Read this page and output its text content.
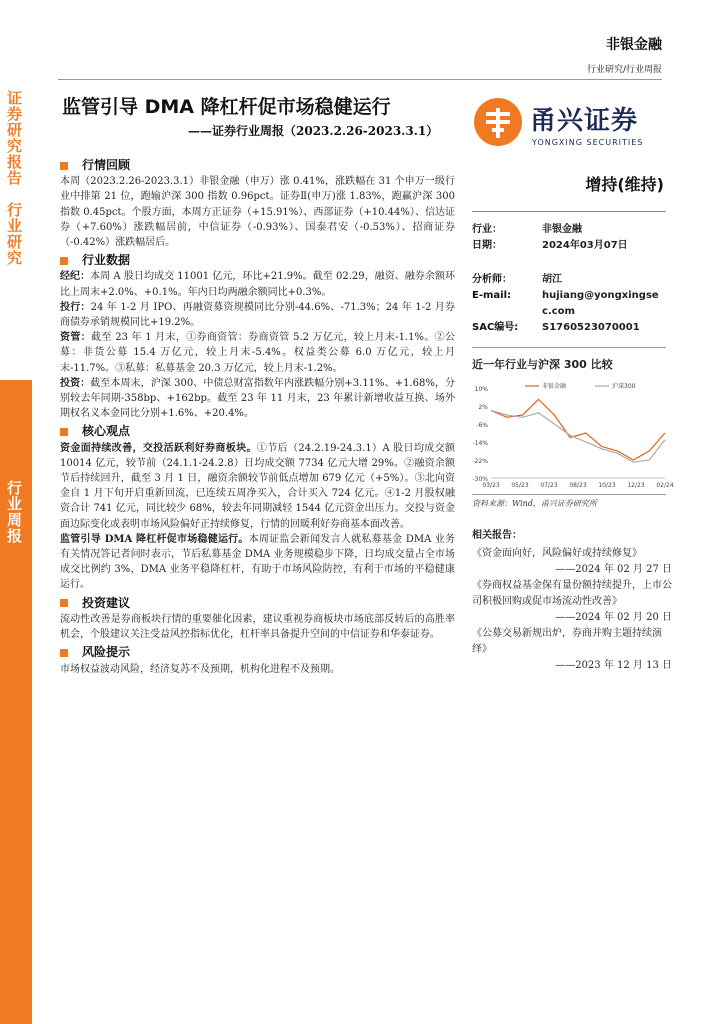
证券研究报告
行业研究
行业周报
非银金融
行业研究/行业周报
监管引导 DMA 降杠杆促市场稳健运行
——证券行业周报（2023.2.26-2023.3.1）	甬兴证券
YONGXING SECURITIES
行情回顾

本周（2023.2.26-2023.3.1）非银金融（申万）涨 0.41%，涨跌幅在 31 个申万一级行业中排第 21 位，跑输沪深 300 指数 0.96pct。证券Ⅱ(申万)涨 1.83%，跑赢沪深 300 指数 0.45pct。个股方面，本周方正证券（+15.91%）、西部证券（+10.44%）、信达证券（+7.60%）涨跌幅居前，中信证券（-0.93%）、国泰君安（-0.53%）、招商证券（-0.42%）涨跌幅居后。

行业数据

经纪：本周 A 股日均成交 11001 亿元，环比+21.9%。截至 02.29，融资、融券余额环比上周末+2.0%、+0.1%。年内日均两融余额同比+0.3%。

投行：24 年 1-2 月 IPO、再融资募资规模同比分别-44.6%、-71.3%；24 年 1-2 月券商债券承销规模同比+19.2%。

资管：截至 23 年 1 月末，①券商资管：券商资管 5.2 万亿元，较上月末-1.1%。②公募：非货公募 15.4 万亿元，较上月末-5.4%。权益类公募 6.0 万亿元，较上月末-11.7%。③私募：私募基金 20.3 万亿元，较上月末-1.2%。

投资：截至本周末，沪深 300、中债总财富指数年内涨跌幅分别+3.11%、+1.68%，分别较去年同期-358bp、+162bp。截至 23 年 11 月末，23 年累计新增收益互换、场外期权名义本金同比分别+1.6%、+20.4%。

核心观点

资金面持续改善，交投活跃利好券商板块。①节后（24.2.19-24.3.1）A 股日均成交额 10014 亿元，较节前（24.1.1-24.2.8）日均成交额 7734 亿元大增 29%。②融资余额节后持续回升，截至 3 月 1 日，融资余额较节前低点增加 679 亿元（+5%）。③北向资金自 1 月下旬开启重新回流，已连续五周净买入，合计买入 724 亿元。④1-2 月股权融资合计 741 亿元，同比较少 68%，较去年同期减轻 1544 亿元资金出压力。交投与资金面边际变化或表明市场风险偏好正持续修复，行情的回暖利好券商基本面改善。

监管引导 DMA 降杠杆促市场稳健运行。本周证监会新闻发言人就私募基金 DMA 业务有关情况答记者问时表示，节后私募基金 DMA 业务规模稳步下降，日均成交量占全市场成交比例约 3%，DMA 业务平稳降杠杆，有助于市场风险防控，有利于市场的平稳健康运行。

投资建议

流动性改善是券商板块行情的重要催化因素，建议重视券商板块市场底部反转后的高胜率机会，个股建议关注受益风控指标优化，杠杆率具备提升空间的中信证券和华泰证券。

风险提示

市场权益波动风险，经济复苏不及预期，机构化进程不及预期。

增持(维持)
行业：	非银金融
日期：	2024年03月07日
分析师：	胡江
E-mail:	hujiang@yongxingsec.com
SAC编号:	S1760523070001
近一年行业与沪深 300 比较
10%
2%
-6%
-14%
-22%
-30%
03/23 05/23 07/23 08/23 10/23 12/23 02/24
非银金融	沪深300
资料来源：Wind，甬兴证券研究所
相关报告：
《资金面向好，风险偏好或持续修复》
——2024 年 02 月 27 日
《券商权益基金保有量份额持续提升，上市公司积极回购或促市场流动性改善》
——2024 年 02 月 20 日
《公募交易新规出炉，券商并购主题持续演绎》
——2023 年 12 月 13 日
